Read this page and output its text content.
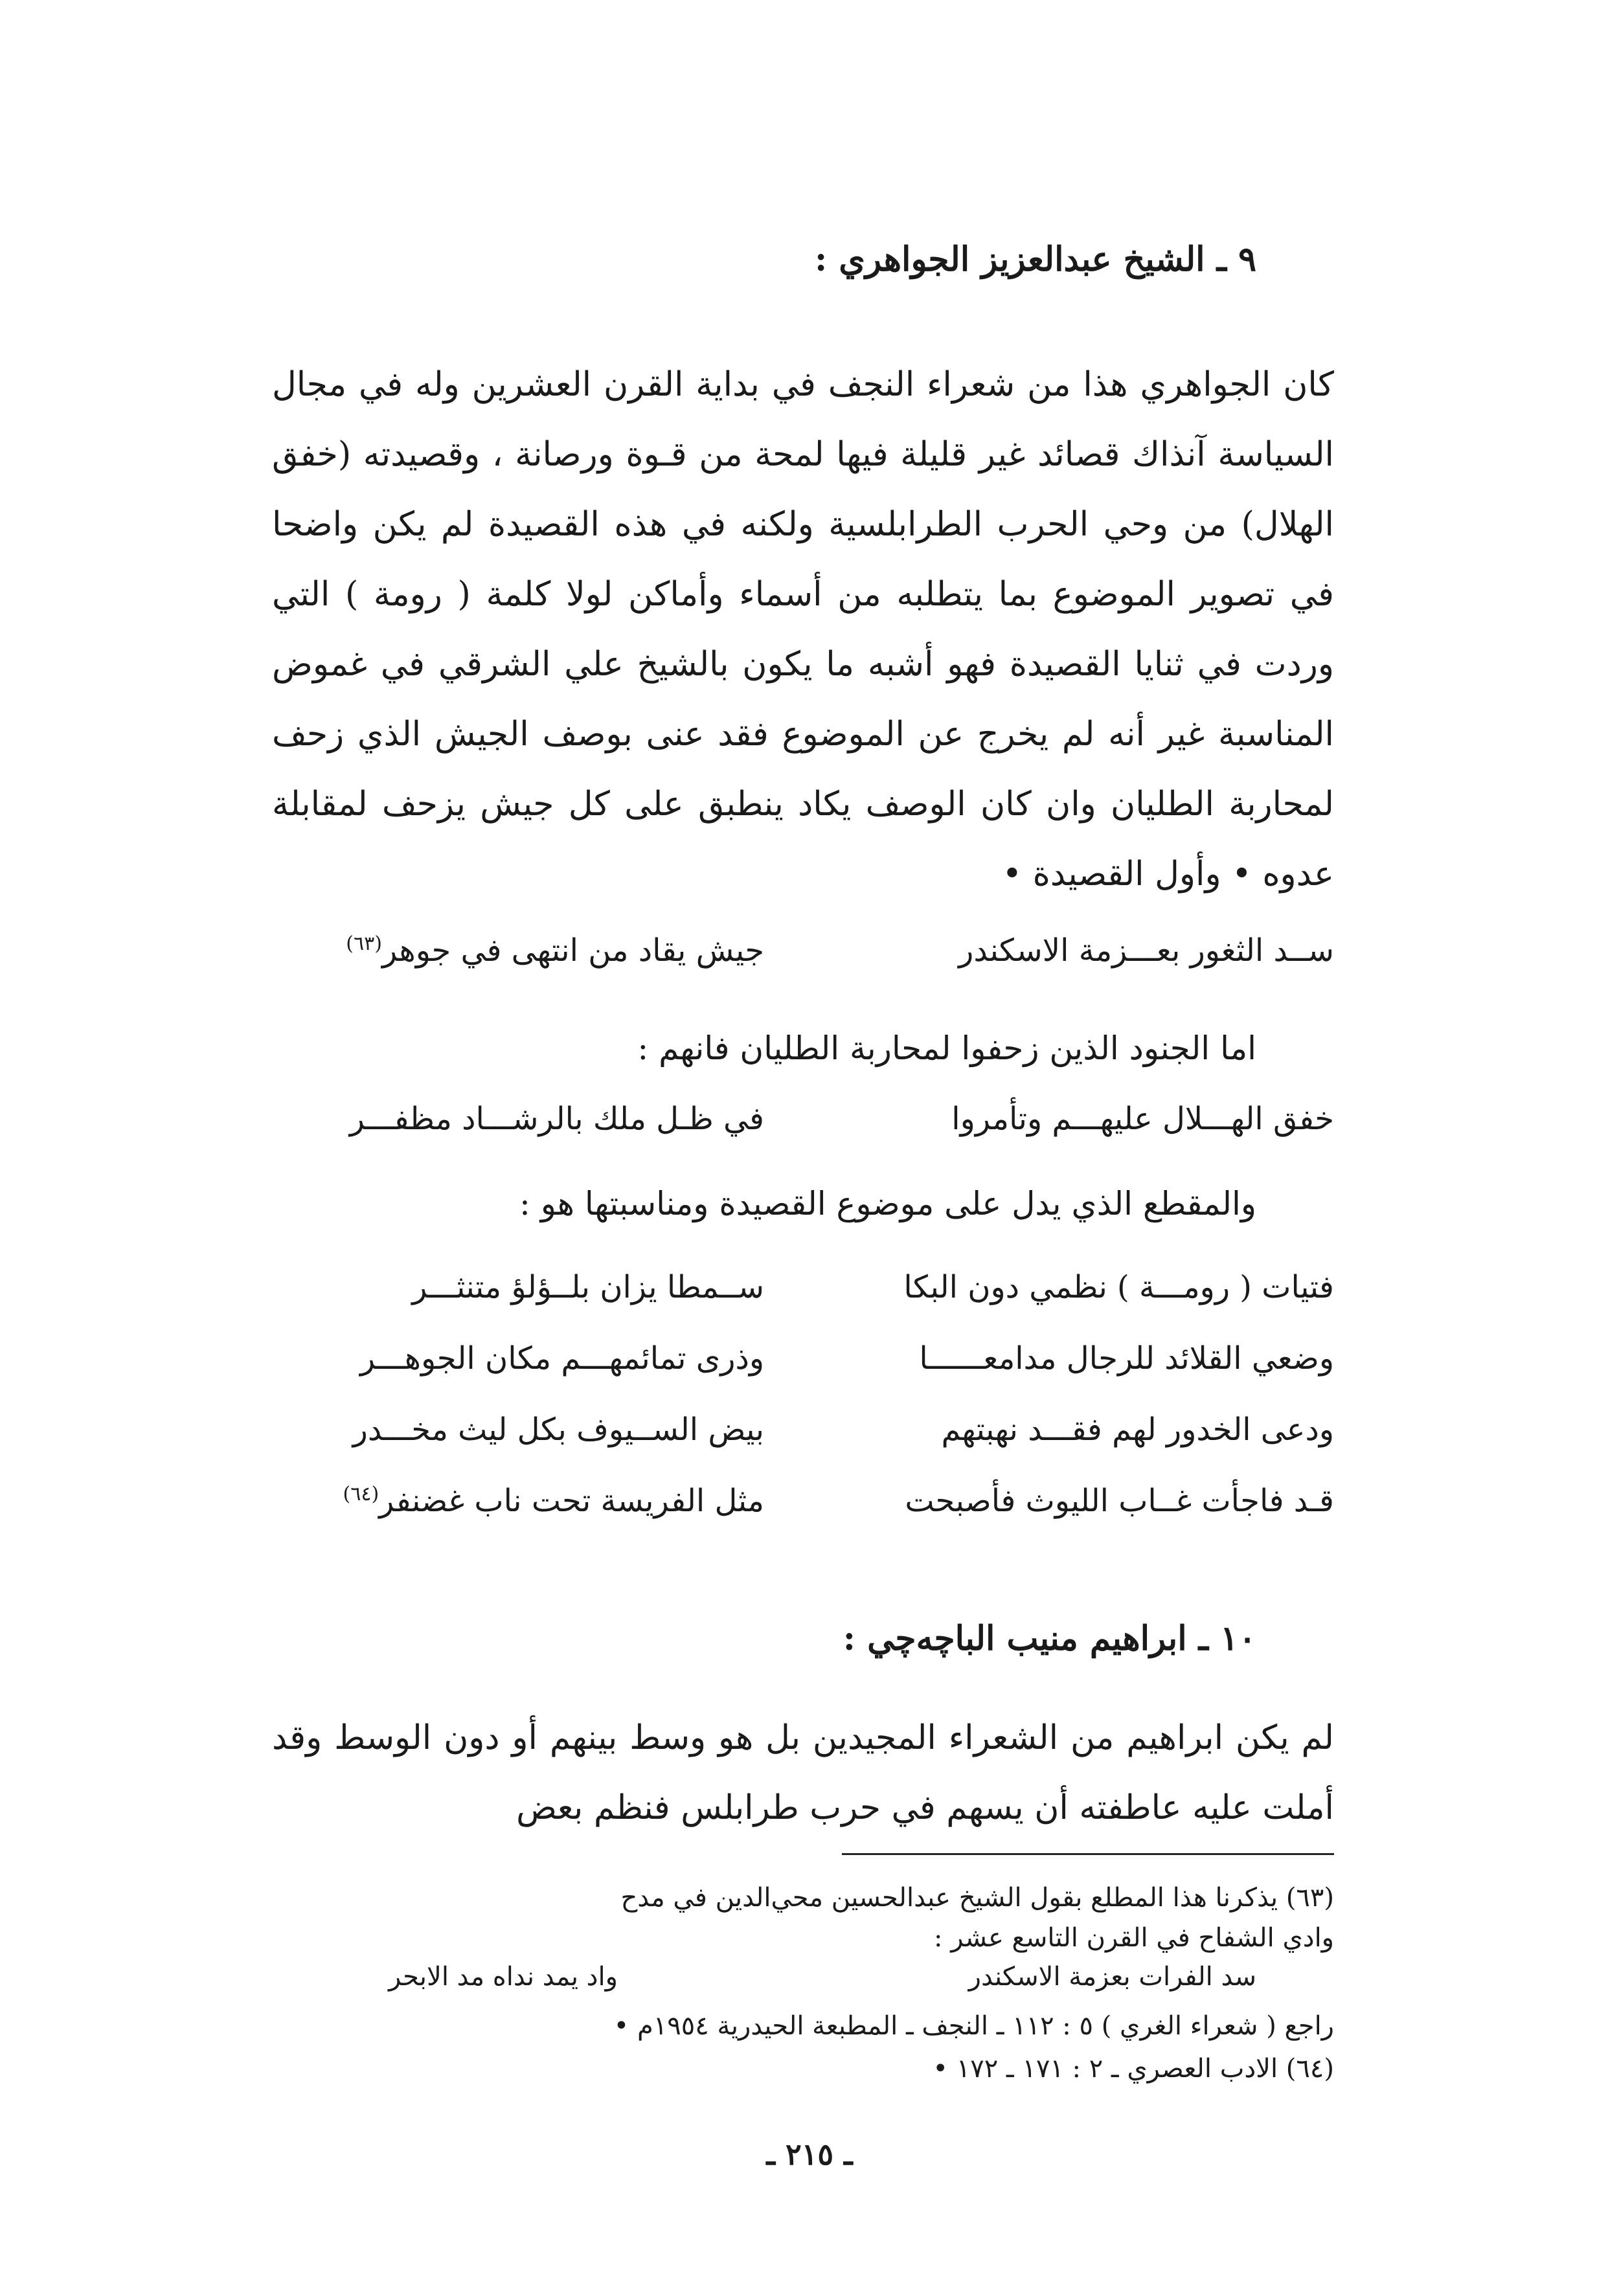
٩ ـ الشيخ عبدالعزيز الجواهري :
كان الجواهري هذا من شعراء النجف في بداية القرن العشرين وله في مجال السياسة آنذاك قصائد غير قليلة فيها لمحة من قـوة ورصانة ، وقصيدته (خفق الهلال) من وحي الحرب الطرابلسية ولكنه في هذه القصيدة لم يكن واضحا في تصوير الموضوع بما يتطلبه من أسماء وأماكن لولا كلمة ( رومة ) التي وردت في ثنايا القصيدة فهو أشبه ما يكون بالشيخ علي الشرقي في غموض المناسبة غير أنه لم يخرج عن الموضوع فقد عنى بوصف الجيش الذي زحف لمحاربة الطليان وان كان الوصف يكاد ينطبق على كل جيش يزحف لمقابلة عدوه • وأول القصيدة •
ســد الثغور بعـــزمة الاسكندر
جيش يقاد من انتهى في جوهر$^{(٦٣)}$
اما الجنود الذين زحفوا لمحاربة الطليان فانهم :
خفق الهـــلال عليهـــم وتأمروا
في ظـل ملك بالرشـــاد مظفـــر
والمقطع الذي يدل على موضوع القصيدة ومناسبتها هو :
فتيات ( رومـــة ) نظمي دون البكا
ســمطا يزان بلــؤلؤ متنثـــر
وضعي القلائد للرجال مدامعــــــا
وذرى تمائمهـــم مكان الجوهـــر
ودعى الخدور لهم فقـــد نهبتهم
بيض الســيوف بكل ليث مخـــدر
قـد فاجأت غــاب الليوث فأصبحت
مثل الفريسة تحت ناب غضنفر$^{(٦٤)}$
١٠ ـ ابراهيم منيب الباچه‌چي :
لم يكن ابراهيم من الشعراء المجيدين بل هو وسط بينهم أو دون الوسط وقد أملت عليه عاطفته أن يسهم في حرب طرابلس فنظم بعض
(٦٣) يذكرنا هذا المطلع بقول الشيخ عبدالحسين محي‌الدين في مدح
وادي الشفاح في القرن التاسع عشر :
سد الفرات بعزمة الاسكندر
واد يمد نداه مد الابحر
راجع ( شعراء الغري ) ٥ : ١١٢ ـ النجف ـ المطبعة الحيدرية ١٩٥٤م •
(٦٤) الادب العصري ـ ٢ : ١٧١ ـ ١٧٢ •
ـ ٢١٥ ـ
